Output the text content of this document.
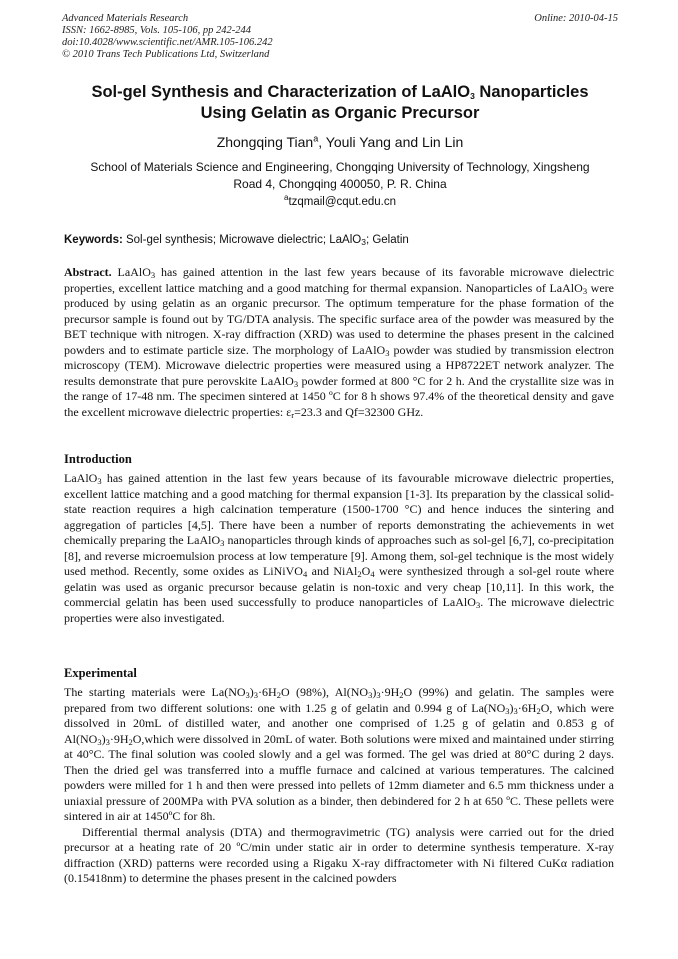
Advanced Materials Research
ISSN: 1662-8985, Vols. 105-106, pp 242-244
doi:10.4028/www.scientific.net/AMR.105-106.242
© 2010 Trans Tech Publications Ltd, Switzerland
Online: 2010-04-15
Sol-gel Synthesis and Characterization of LaAlO$_3$ Nanoparticles
Using Gelatin as Organic Precursor
Zhongqing Tian$^a$, Youli Yang and Lin Lin
School of Materials Science and Engineering, Chongqing University of Technology, Xingsheng
Road 4, Chongqing 400050, P. R. China
$^a$tzqmail@cqut.edu.cn
Keywords: Sol-gel synthesis; Microwave dielectric; LaAlO$_3$; Gelatin

Abstract. LaAlO$_3$ has gained attention in the last few years because of its favorable microwave dielectric properties, excellent lattice matching and a good matching for thermal expansion. Nanoparticles of LaAlO$_3$ were produced by using gelatin as an organic precursor. The optimum temperature for the phase formation of the precursor sample is found out by TG/DTA analysis. The specific surface area of the powder was measured by the BET technique with nitrogen. X-ray diffraction (XRD) was used to determine the phases present in the calcined powders and to estimate particle size. The morphology of LaAlO$_3$ powder was studied by transmission electron microscopy (TEM). Microwave dielectric properties were measured using a HP8722ET network analyzer. The results demonstrate that pure perovskite LaAlO$_3$ powder formed at 800 °C for 2 h. And the crystallite size was in the range of 17-48 nm. The specimen sintered at 1450 ºC for 8 h shows 97.4% of the theoretical density and gave the excellent microwave dielectric properties: $\varepsilon_r=23.3$ and Qf=32300 GHz.

Introduction

LaAlO$_3$ has gained attention in the last few years because of its favourable microwave dielectric properties, excellent lattice matching and a good matching for thermal expansion [1-3]. Its preparation by the classical solid-state reaction requires a high calcination temperature (1500-1700 °C) and hence induces the sintering and aggregation of particles [4,5]. There have been a number of reports demonstrating the achievements in wet chemically preparing the LaAlO$_3$ nanoparticles through kinds of approaches such as sol-gel [6,7], co-precipitation [8], and reverse microemulsion process at low temperature [9]. Among them, sol-gel technique is the most widely used method. Recently, some oxides as LiNiVO$_4$ and $NiAl_2O_4$ were synthesized through a sol-gel route where gelatin was used as organic precursor because gelatin is non-toxic and very cheap [10,11]. In this work, the commercial gelatin has been used successfully to produce nanoparticles of LaAlO$_3$. The microwave dielectric properties were also investigated.

Experimental

The starting materials were $La(NO_3)_3\cdot 6H_2O$ (98%), $Al(NO_3)_3\cdot 9H_2O$ (99%) and gelatin. The samples were prepared from two different solutions: one with 1.25 g of gelatin and 0.994 g of $La(NO_3)_3\cdot 6H_2O$, which were dissolved in 20mL of distilled water, and another one comprised of 1.25 g of gelatin and 0.853 g of $Al(NO_3)_3\cdot 9H_2O,which$ were dissolved in 20mL of water. Both solutions were mixed and maintained under stirring at 40°C. The final solution was cooled slowly and a gel was formed. The gel was dried at 80°C during 2 days. Then the dried gel was transferred into a muffle furnace and calcined at various temperatures. The calcined powders were milled for 1 h and then were pressed into pellets of 12mm diameter and 6.5 mm thickness under a uniaxial pressure of 200MPa with PVA solution as a binder, then debindered for 2 h at 650 ºC. These pellets were sintered in air at 1450ºC for 8h.

Differential thermal analysis (DTA) and thermogravimetric (TG) analysis were carried out for the dried precursor at a heating rate of 20 ºC/min under static air in order to determine synthesis temperature. X-ray diffraction (XRD) patterns were recorded using a Rigaku X-ray diffractometer with Ni filtered CuKα radiation (0.15418nm) to determine the phases present in the calcined powders
